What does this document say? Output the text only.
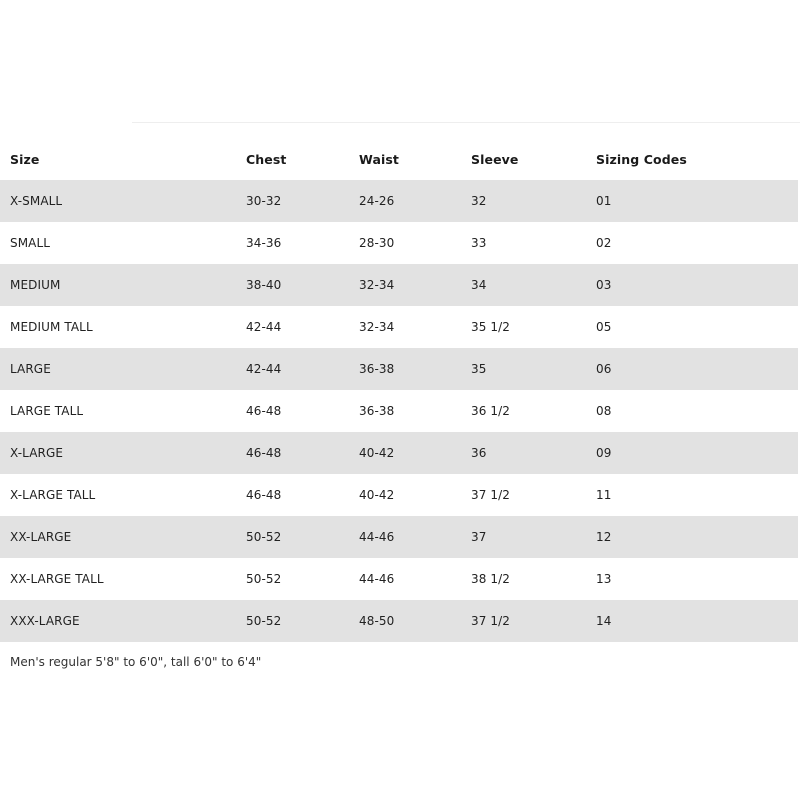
Size	Chest	Waist	Sleeve	Sizing Codes
X-SMALL	30-32	24-26	32	01
SMALL	34-36	28-30	33	02
MEDIUM	38-40	32-34	34	03
MEDIUM TALL	42-44	32-34	35 1/2	05
LARGE	42-44	36-38	35	06
LARGE TALL	46-48	36-38	36 1/2	08
X-LARGE	46-48	40-42	36	09
X-LARGE TALL	46-48	40-42	37 1/2	11
XX-LARGE	50-52	44-46	37	12
XX-LARGE TALL	50-52	44-46	38 1/2	13
XXX-LARGE	50-52	48-50	37 1/2	14
Men's regular 5'8" to 6'0", tall 6'0" to 6'4"
